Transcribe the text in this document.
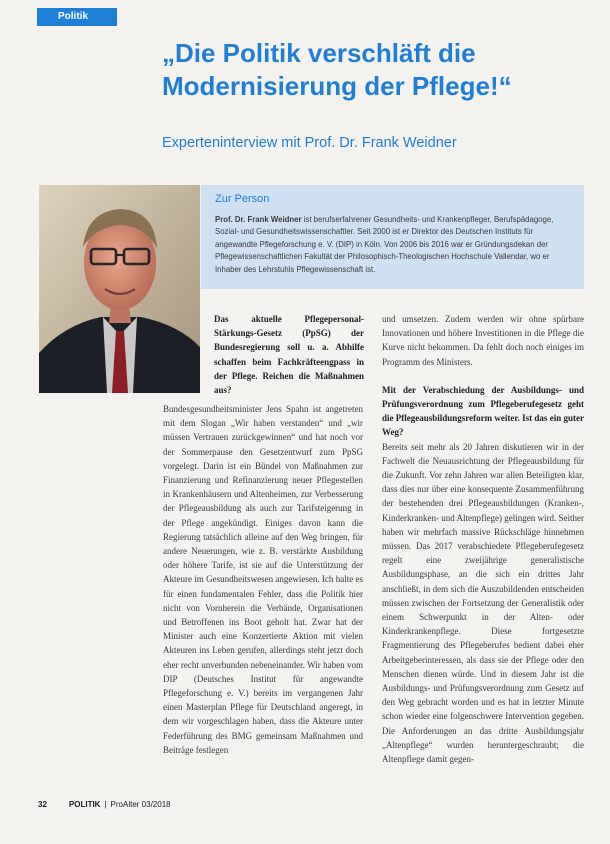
Politik
„Die Politik verschläft die
Modernisierung der Pflege!“
Experteninterview mit Prof. Dr. Frank Weidner
Zur Person
Prof. Dr. Frank Weidner ist berufserfahrener Gesundheits- und Krankenpfleger, Berufspädagoge, Sozial- und Gesundheitswissenschaftler. Seit 2000 ist er Direktor des Deutschen Instituts für angewandte Pflegeforschung e. V. (DIP) in Köln. Von 2006 bis 2016 war er Gründungsdekan der Pflegewissenschaftlichen Fakultät der Philosophisch-Theologischen Hochschule Vallendar, wo er Inhaber des Lehrstuhls Pflegewissenschaft ist.

Das aktuelle Pflegepersonal-Stärkungs-Gesetz (PpSG) der Bundesregierung soll u. a. Abhilfe schaffen beim Fachkräfteengpass in der Pflege. Reichen die Maßnahmen aus?

Bundesgesundheitsminister Jens Spahn ist angetreten mit dem Slogan „Wir haben verstanden“ und „wir müssen Vertrauen zurückgewinnen“ und hat noch vor der Sommerpause den Gesetzentwurf zum PpSG vorgelegt. Darin ist ein Bündel von Maßnahmen zur Finanzierung und Refinanzierung neuer Pflegestellen in Krankenhäusern und Altenheimen, zur Verbesserung der Pflegeausbildung als auch zur Tarifsteigerung in der Pflege angekündigt. Einiges davon kann die Regierung tatsächlich alleine auf den Weg bringen, für andere Neuerungen, wie z. B. verstärkte Ausbildung oder höhere Tarife, ist sie auf die Unterstützung der Akteure im Gesundheitswesen angewiesen. Ich halte es für einen fundamentalen Fehler, dass die Politik hier nicht von Vornherein die Verbände, Organisationen und Betroffenen ins Boot geholt hat. Zwar hat der Minister auch eine Konzertierte Aktion mit vielen Akteuren ins Leben gerufen, allerdings steht jetzt doch eher recht unverbunden nebeneinander. Wir haben vom DIP (Deutsches Institut für angewandte Pflegeforschung e. V.) bereits im vergangenen Jahr einen Masterplan Pflege für Deutschland angeregt, in dem wir vorgeschlagen haben, dass die Akteure unter Federführung des BMG gemeinsam Maßnahmen und Beiträge festlegen

und umsetzen. Zudem werden wir ohne spürbare Innovationen und höhere Investitionen in die Pflege die Kurve nicht bekommen. Da fehlt doch noch einiges im Programm des Ministers.

Mit der Verabschiedung der Ausbildungs- und Prüfungsverordnung zum Pflegeberufegesetz geht die Pflegeausbildungsreform weiter. Ist das ein guter Weg?

Bereits seit mehr als 20 Jahren diskutieren wir in der Fachwelt die Neuausrichtung der Pflegeausbildung für die Zukunft. Vor zehn Jahren war allen Beteiligten klar, dass dies nur über eine konsequente Zusammenführung der bestehenden drei Pflegeausbildungen (Kranken-, Kinderkranken- und Altenpflege) gelingen wird. Seither haben wir mehrfach massive Rückschläge hinnehmen müssen. Das 2017 verabschiedete Pflegeberufegesetz regelt eine zweijährige generalistische Ausbildungsphase, an die sich ein drittes Jahr anschließt, in dem sich die Auszubildenden entscheiden müssen zwischen der Fortsetzung der Generalistik oder einem Schwerpunkt in der Alten- oder Kinderkrankenpflege. Diese fortgesetzte Fragmentierung des Pflegeberufes bedient dabei eher Arbeitgeberinteressen, als dass sie der Pflege oder den Menschen dienen würde. Und in diesem Jahr ist die Ausbildungs- und Prüfungsverordnung zum Gesetz auf den Weg gebracht worden und es hat in letzter Minute schon wieder eine folgenschwere Intervention gegeben. Die Anforderungen an das dritte Ausbildungsjahr „Altenpflege“ wurden heruntergeschraubt; die Altenpflege damit gegen-

32	POLITIK | ProAlter 03/2018
